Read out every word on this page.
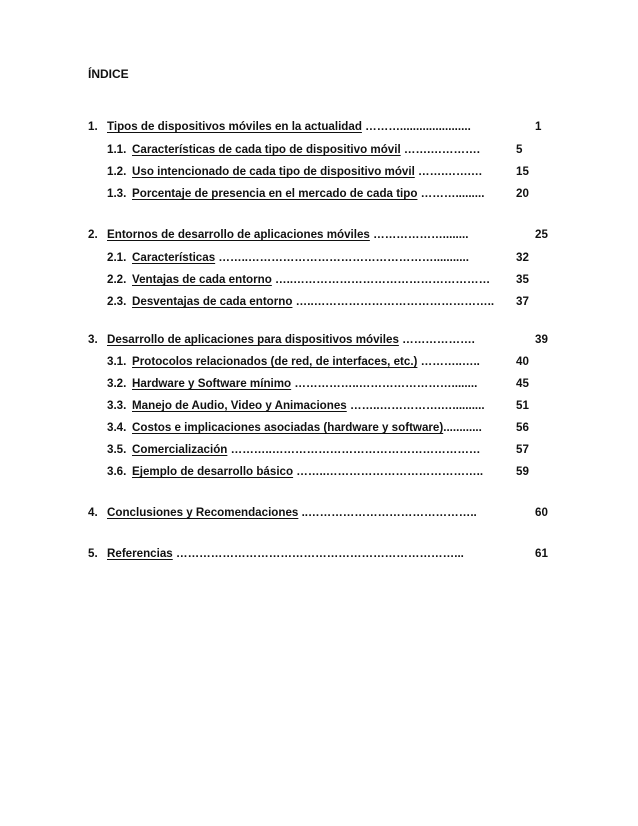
ÍNDICE
1. Tipos de dispositivos móviles en la actualidad ………......................	1
1.1. Características de cada tipo de dispositivo móvil …….………….	5
1.2. Uso intencionado de cada tipo de dispositivo móvil …….…….…	15
1.3. Porcentaje de presencia en el mercado de cada tipo ……….........	20
2. Entornos de desarrollo de aplicaciones móviles ………………........	25
2.1. Características ……..…………………………………………...........	32
2.2. Ventajas de cada entorno …..…………………………………………… 35
2.3. Desventajas de cada entorno …..……………………………………….. 37
3. Desarrollo de aplicaciones para dispositivos móviles ……………….	39
3.1. Protocolos relacionados (de red, de interfaces, etc.) ………..…..	40
3.2. Hardware y Software mínimo ……………..……………………........	45
3.3. Manejo de Audio, Video y Animaciones ……..…………….…..........	51
3.4. Costos e implicaciones asociadas (hardware y software)............	56
3.5. Comercialización ………..………………………………………………	57
3.6. Ejemplo de desarrollo básico ……..…………………………………..	59
4. Conclusiones y Recomendaciones ..……………………………………..	60
5. Referencias ………………………………………………………………...	61
